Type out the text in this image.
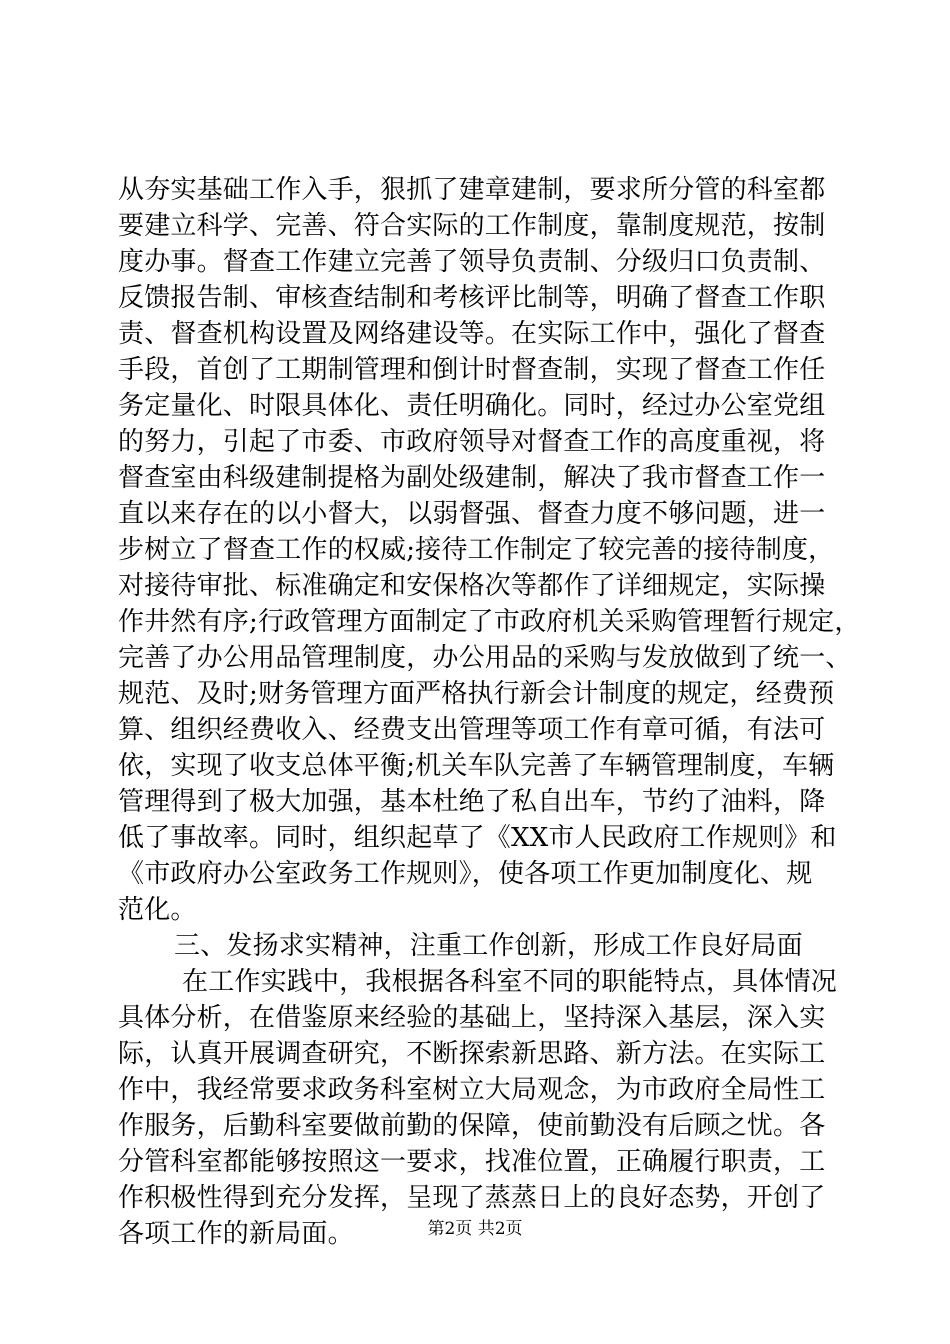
从夯实基础工作入手，狠抓了建章建制，要求所分管的科室都
要建立科学、完善、符合实际的工作制度，靠制度规范，按制
度办事。督查工作建立完善了领导负责制、分级归口负责制、
反馈报告制、审核查结制和考核评比制等，明确了督查工作职
责、督查机构设置及网络建设等。在实际工作中，强化了督查
手段，首创了工期制管理和倒计时督查制，实现了督查工作任
务定量化、时限具体化、责任明确化。同时，经过办公室党组
的努力，引起了市委、市政府领导对督查工作的高度重视，将
督查室由科级建制提格为副处级建制，解决了我市督查工作一
直以来存在的以小督大，以弱督强、督查力度不够问题，进一
步树立了督查工作的权威;接待工作制定了较完善的接待制度，
对接待审批、标准确定和安保格次等都作了详细规定，实际操
作井然有序;行政管理方面制定了市政府机关采购管理暂行规定，
完善了办公用品管理制度，办公用品的采购与发放做到了统一、
规范、及时;财务管理方面严格执行新会计制度的规定，经费预
算、组织经费收入、经费支出管理等项工作有章可循，有法可
依，实现了收支总体平衡;机关车队完善了车辆管理制度，车辆
管理得到了极大加强，基本杜绝了私自出车，节约了油料，降
低了事故率。同时，组织起草了《XX市人民政府工作规则》和
《市政府办公室政务工作规则》，使各项工作更加制度化、规
范化。
三、发扬求实精神，注重工作创新，形成工作良好局面
在工作实践中，我根据各科室不同的职能特点，具体情况
具体分析，在借鉴原来经验的基础上，坚持深入基层，深入实
际，认真开展调查研究，不断探索新思路、新方法。在实际工
作中，我经常要求政务科室树立大局观念，为市政府全局性工
作服务，后勤科室要做前勤的保障，使前勤没有后顾之忧。各
分管科室都能够按照这一要求，找准位置，正确履行职责，工
作积极性得到充分发挥，呈现了蒸蒸日上的良好态势，开创了
各项工作的新局面。	第2页 共2页
